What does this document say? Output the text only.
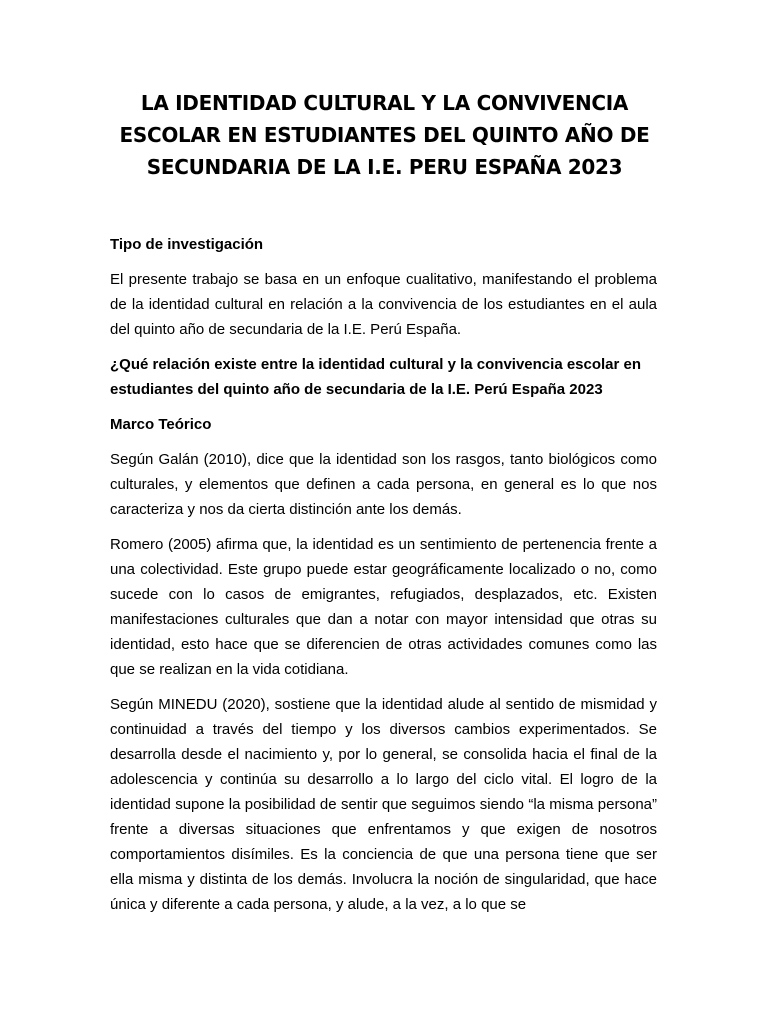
LA IDENTIDAD CULTURAL Y LA CONVIVENCIA ESCOLAR EN ESTUDIANTES DEL QUINTO AÑO DE SECUNDARIA DE LA I.E. PERU ESPAÑA 2023

Tipo de investigación

El presente trabajo se basa en un enfoque cualitativo, manifestando el problema de la identidad cultural en relación a la convivencia de los estudiantes en el aula del quinto año de secundaria de la I.E. Perú España.

¿Qué relación existe entre la identidad cultural y la convivencia escolar en estudiantes del quinto año de secundaria de la I.E. Perú España 2023

Marco Teórico

Según Galán (2010), dice que la identidad son los rasgos, tanto biológicos como culturales, y elementos que definen a cada persona, en general es lo que nos caracteriza y nos da cierta distinción ante los demás.

Romero (2005) afirma que, la identidad es un sentimiento de pertenencia frente a una colectividad. Este grupo puede estar geográficamente localizado o no, como sucede con lo casos de emigrantes, refugiados, desplazados, etc. Existen manifestaciones culturales que dan a notar con mayor intensidad que otras su identidad, esto hace que se diferencien de otras actividades comunes como las que se realizan en la vida cotidiana.

Según MINEDU (2020), sostiene que la identidad alude al sentido de mismidad y continuidad a través del tiempo y los diversos cambios experimentados. Se desarrolla desde el nacimiento y, por lo general, se consolida hacia el final de la adolescencia y continúa su desarrollo a lo largo del ciclo vital. El logro de la identidad supone la posibilidad de sentir que seguimos siendo “la misma persona” frente a diversas situaciones que enfrentamos y que exigen de nosotros comportamientos disímiles. Es la conciencia de que una persona tiene que ser ella misma y distinta de los demás. Involucra la noción de singularidad, que hace única y diferente a cada persona, y alude, a la vez, a lo que se
